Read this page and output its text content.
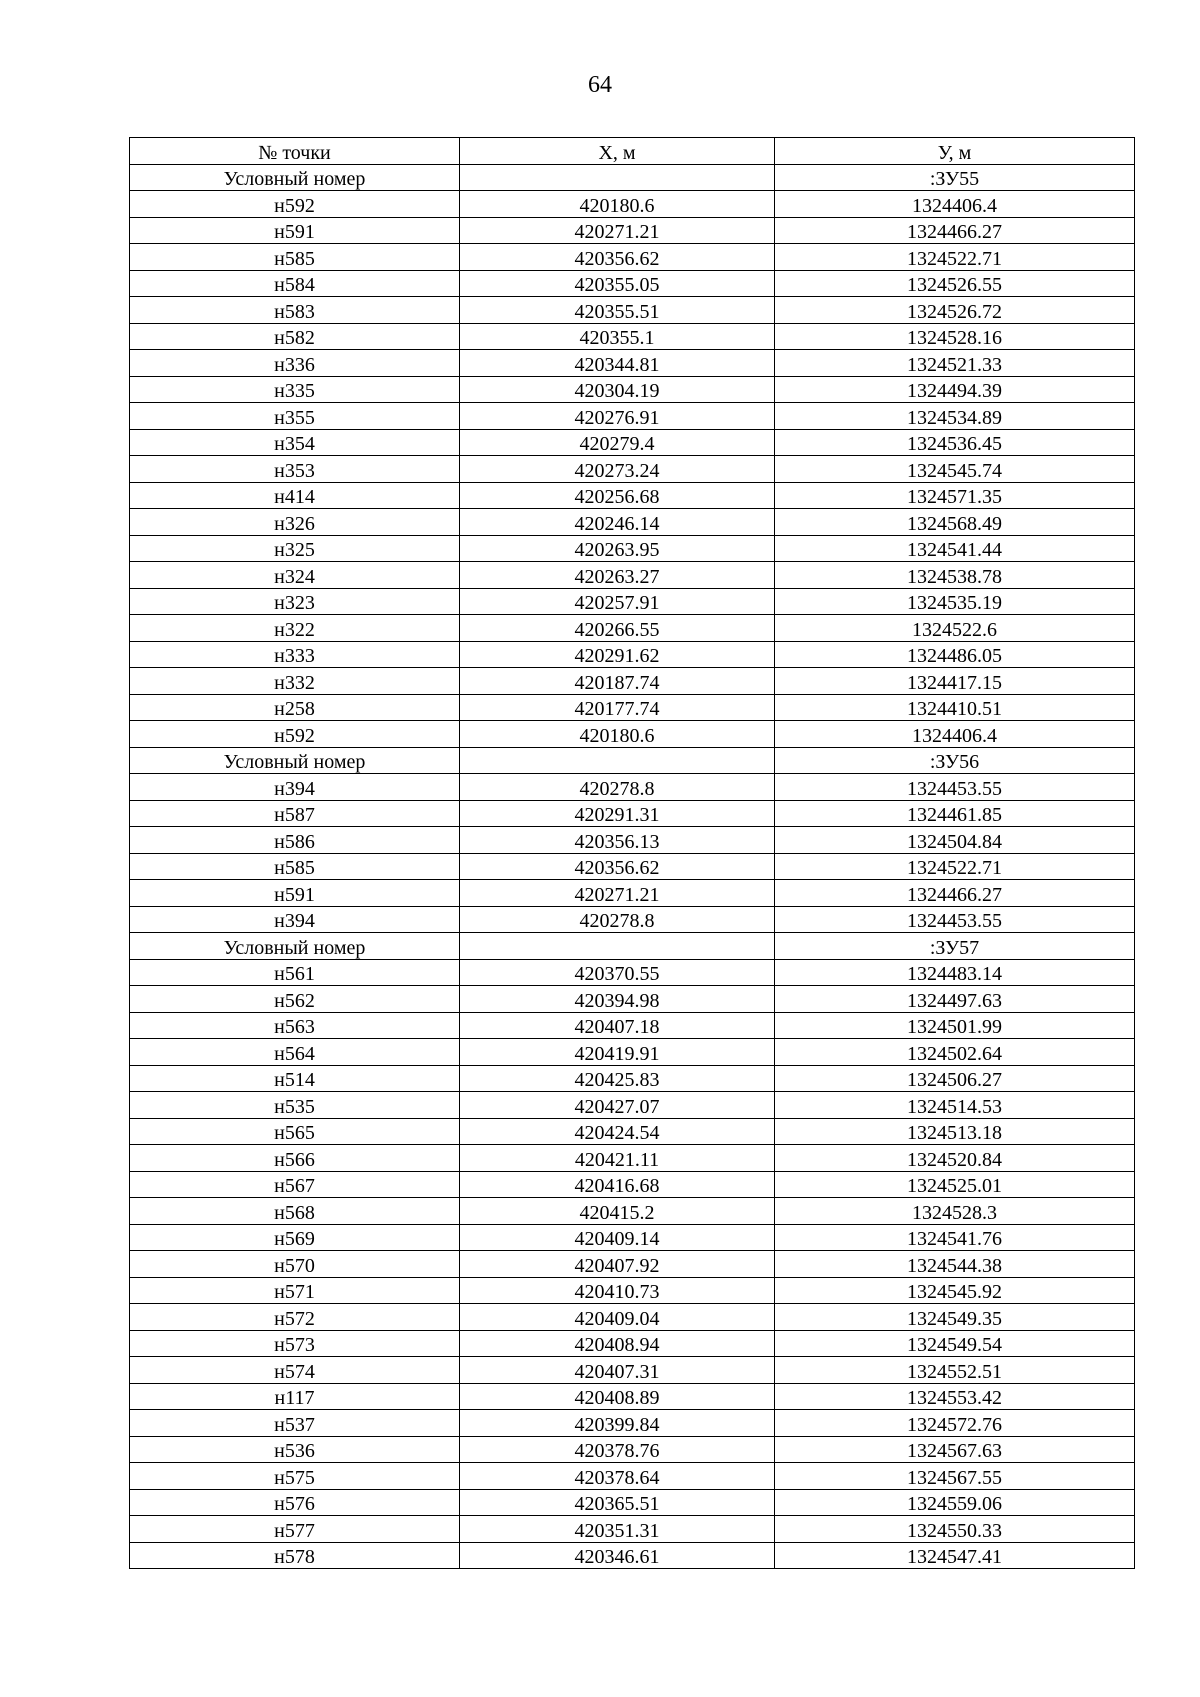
64
№ точки	Х, м	У, м
Условный номер		:ЗУ55
н592	420180.6	1324406.4
н591	420271.21	1324466.27
н585	420356.62	1324522.71
н584	420355.05	1324526.55
н583	420355.51	1324526.72
н582	420355.1	1324528.16
н336	420344.81	1324521.33
н335	420304.19	1324494.39
н355	420276.91	1324534.89
н354	420279.4	1324536.45
н353	420273.24	1324545.74
н414	420256.68	1324571.35
н326	420246.14	1324568.49
н325	420263.95	1324541.44
н324	420263.27	1324538.78
н323	420257.91	1324535.19
н322	420266.55	1324522.6
н333	420291.62	1324486.05
н332	420187.74	1324417.15
н258	420177.74	1324410.51
н592	420180.6	1324406.4
Условный номер		:ЗУ56
н394	420278.8	1324453.55
н587	420291.31	1324461.85
н586	420356.13	1324504.84
н585	420356.62	1324522.71
н591	420271.21	1324466.27
н394	420278.8	1324453.55
Условный номер		:ЗУ57
н561	420370.55	1324483.14
н562	420394.98	1324497.63
н563	420407.18	1324501.99
н564	420419.91	1324502.64
н514	420425.83	1324506.27
н535	420427.07	1324514.53
н565	420424.54	1324513.18
н566	420421.11	1324520.84
н567	420416.68	1324525.01
н568	420415.2	1324528.3
н569	420409.14	1324541.76
н570	420407.92	1324544.38
н571	420410.73	1324545.92
н572	420409.04	1324549.35
н573	420408.94	1324549.54
н574	420407.31	1324552.51
н117	420408.89	1324553.42
н537	420399.84	1324572.76
н536	420378.76	1324567.63
н575	420378.64	1324567.55
н576	420365.51	1324559.06
н577	420351.31	1324550.33
н578	420346.61	1324547.41
